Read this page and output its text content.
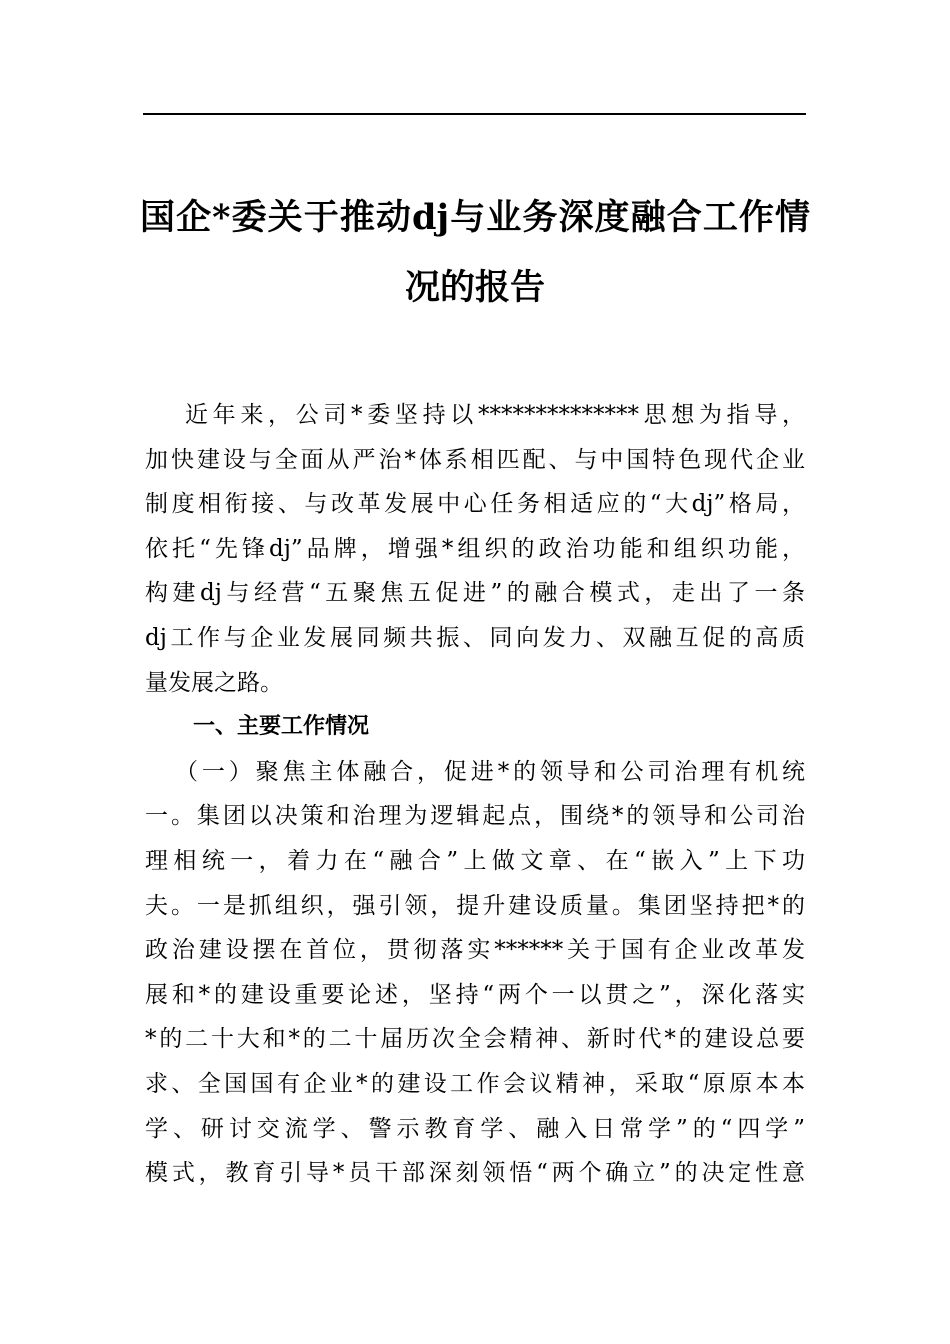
国企*委关于推动dj与业务深度融合工作情
况的报告
近年来，公司*委坚持以**************思想为指导，
加快建设与全面从严治*体系相匹配、与中国特色现代企业
制度相衔接、与改革发展中心任务相适应的“大dj”格局，
依托“先锋dj”品牌，增强*组织的政治功能和组织功能，
构建dj与经营“五聚焦五促进”的融合模式，走出了一条
dj工作与企业发展同频共振、同向发力、双融互促的高质
量发展之路。
一、主要工作情况
（一）聚焦主体融合，促进*的领导和公司治理有机统
一。集团以决策和治理为逻辑起点，围绕*的领导和公司治
理相统一，着力在“融合”上做文章、在“嵌入”上下功
夫。一是抓组织，强引领，提升建设质量。集团坚持把*的
政治建设摆在首位，贯彻落实******关于国有企业改革发
展和*的建设重要论述，坚持“两个一以贯之”，深化落实
*的二十大和*的二十届历次全会精神、新时代*的建设总要
求、全国国有企业*的建设工作会议精神，采取“原原本本
学、研讨交流学、警示教育学、融入日常学”的“四学”
模式，教育引导*员干部深刻领悟“两个确立”的决定性意
